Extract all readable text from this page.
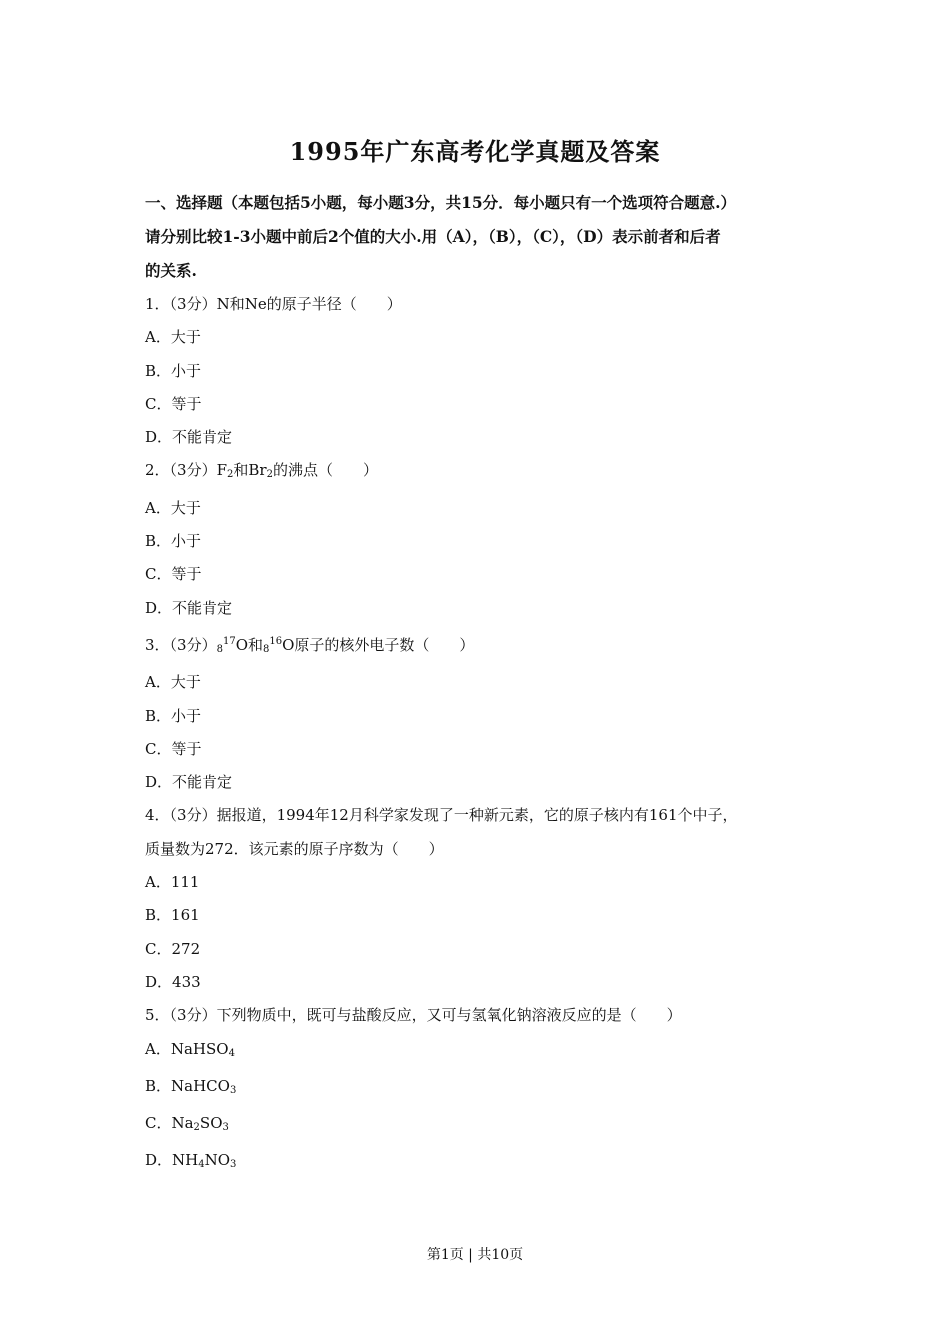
1995年广东高考化学真题及答案

一、选择题（本题包括5小题，每小题3分，共15分．每小题只有一个选项符合题意.）

请分别比较1-3小题中前后2个值的大小.用（A），（B），（C），（D）表示前者和后者

的关系.

1．（3分）N和Ne的原子半径（　　）

A．大于

B．小于

C．等于

D．不能肯定

2．（3分）$F_2$和$Br_2$的沸点（　　）

A．大于

B．小于

C．等于

D．不能肯定

3．（3分）$_8^{17}O$和$_8^{16}$O原子的核外电子数（　　）

A．大于

B．小于

C．等于

D．不能肯定

4．（3分）据报道，1994年12月科学家发现了一种新元素，它的原子核内有161个中子，

质量数为272．该元素的原子序数为（　　）

A．111

B．161

C．272

D．433

5．（3分）下列物质中，既可与盐酸反应，又可与氢氧化钠溶液反应的是（　　）

A．NaHSO$_4$

B．NaHCO$_3$

C．$Na_2SO_3$

D．$NH_4NO_3$

第1页 | 共10页
